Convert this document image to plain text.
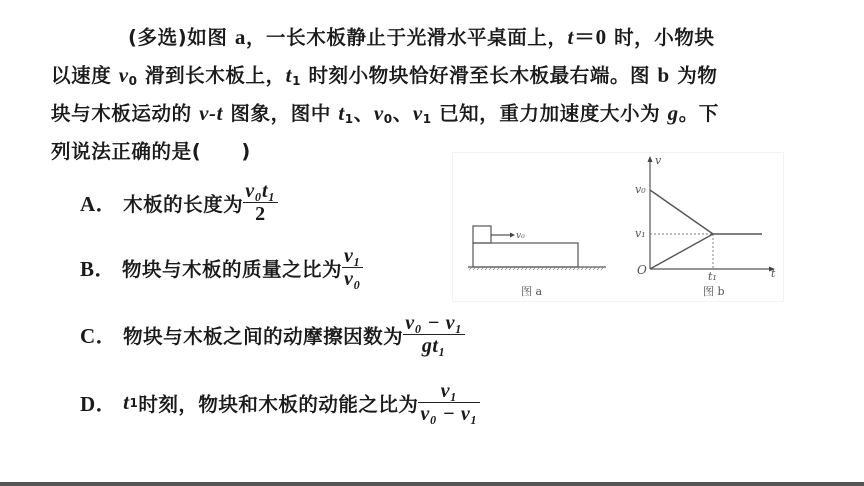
(多选)如图 a，一长木板静止于光滑水平桌面上，t＝0 时，小物块
以速度 $v_0$ 滑到长木板上，$t_1$ 时刻小物块恰好滑至长木板最右端。图 b 为物
块与木板运动的 v-t 图象，图中 $t_1$、$v_0$、$v_1$ 已知，重力加速度大小为 g。下
列说法正确的是(　　)
A． 木板的长度为 $\frac{\text{v₀t₁}}{2}$
B． 物块与木板的质量之比为 $\frac{\text{v₁}}{\text{v₀}}$
C． 物块与木板之间的动摩擦因数为 $\frac{\text{v₀ − v₁}}{\text{gt₁}}$
D． t 1 时刻，物块和木板的动能之比为 $\frac{\text{v₁}}{\text{v₀ − v₁}}$
v₀
图 a
v
v₀
v₁
O	t₁	t
图 b
